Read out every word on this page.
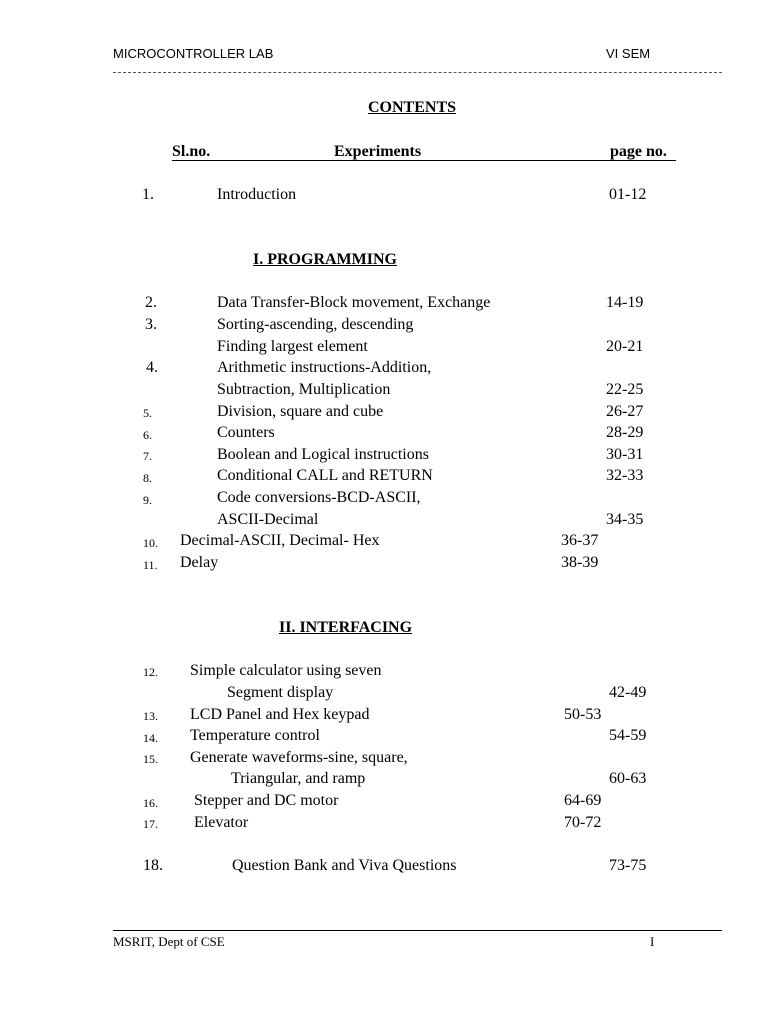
MICROCONTROLLER LAB	VI SEM
CONTENTS
Sl.no.	Experiments	page no.
1.	Introduction	01-12
I. PROGRAMMING
2.	Data Transfer-Block movement, Exchange	14-19
3.	Sorting-ascending, descending
Finding largest element	20-21
4.	Arithmetic instructions-Addition,
Subtraction, Multiplication	22-25
5.	Division, square and cube	26-27
6.	Counters	28-29
7.	Boolean and Logical instructions	30-31
8.	Conditional CALL and RETURN	32-33
9.	Code conversions-BCD-ASCII,
ASCII-Decimal	34-35
10. Decimal-ASCII, Decimal- Hex	36-37
11. Delay	38-39
II. INTERFACING
12. Simple calculator using seven
Segment display	42-49
13. LCD Panel and Hex keypad	50-53
14. Temperature control	54-59
15. Generate waveforms-sine, square,
Triangular, and ramp	60-63
16. Stepper and DC motor	64-69
17. Elevator	70-72
18.	Question Bank and Viva Questions	73-75
MSRIT, Dept of CSE	I
